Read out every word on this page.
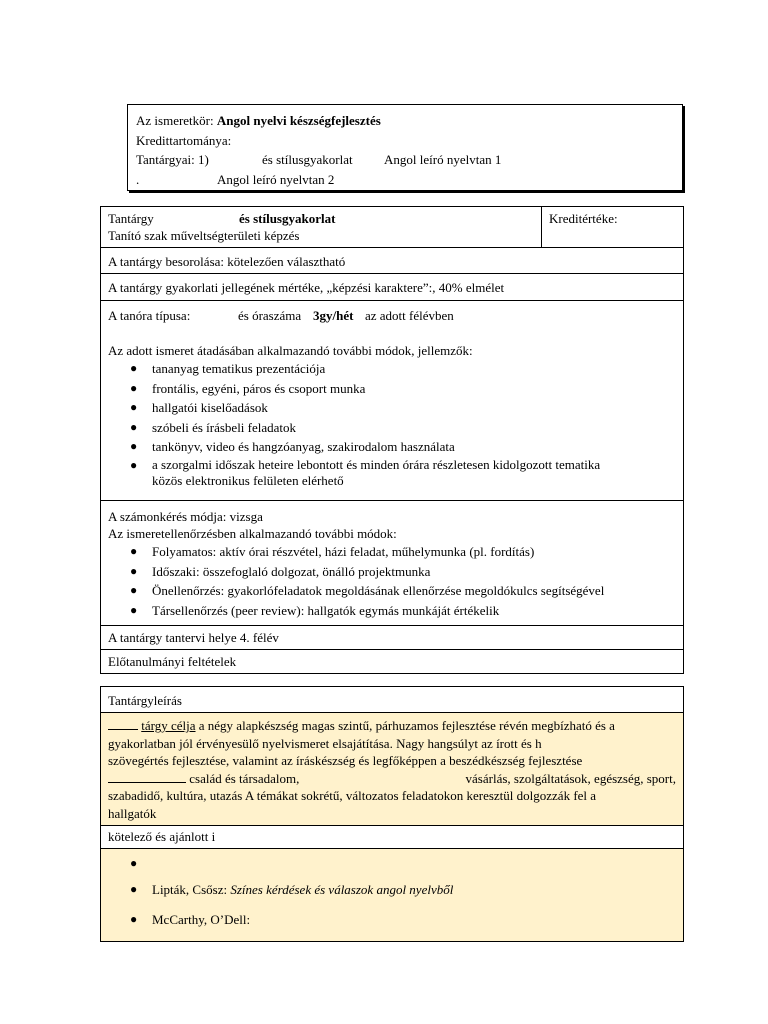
Az ismeretkör: Angol nyelvi készségfejlesztés
Kredittartománya:
Tantárgyai: 1)	és stílusgyakorlat Angol leíró nyelvtan 1
.	Angol leíró nyelvtan 2
Tantárgy	és stílusgyakorlat
Tanító szak műveltségterületi képzés
	Kreditértéke:
A tantárgy besorolása: kötelezően választható
A tantárgy gyakorlati jellegének mértéke, „képzési karaktere”:, 40% elmélet

A tanóra típusa:	és óraszáma 3gy/hét az adott félévben
Az adott ismeret átadásában alkalmazandó további módok, jellemzők:
● tananyag tematikus prezentációja
● frontális, egyéni, páros és csoport munka
● hallgatói kiselőadások
● szóbeli és írásbeli feladatok
● tankönyv, video és hangzóanyag, szakirodalom használata
● a szorgalmi időszak heteire lebontott és minden órára részletesen kidolgozott tematika
közös elektronikus felületen elérhető

A számonkérés módja: vizsga
Az ismeretellenőrzésben alkalmazandó további módok:
● Folyamatos: aktív órai részvétel, házi feladat, műhelymunka (pl. fordítás)
● Időszaki: összefoglaló dolgozat, önálló projektmunka
● Önellenőrzés: gyakorlófeladatok megoldásának ellenőrzése megoldókulcs segítségével
● Társellenőrzés (peer review): hallgatók egymás munkáját értékelik

A tantárgy tantervi helye 4. félév
Előtanulmányi feltételek
Tantárgyleírás

tárgy célja a négy alapkészség magas szintű, párhuzamos fejlesztése révén megbízható és a
gyakorlatban jól érvényesülő nyelvismeret elsajátítása. Nagy hangsúlyt az írott és h
szövegértés fejlesztése, valamint az íráskészség és legfőképpen a beszédkészség fejlesztése
család és társadalom,	vásárlás, szolgáltatások, egészség, sport,
szabadidő, kultúra, utazás A témákat sokrétű, változatos feladatokon keresztül dolgozzák fel a
hallgatók

kötelező és ajánlott i

●
● Lipták, Csősz: Színes kérdések és válaszok angol nyelvből
● McCarthy, O’Dell:
